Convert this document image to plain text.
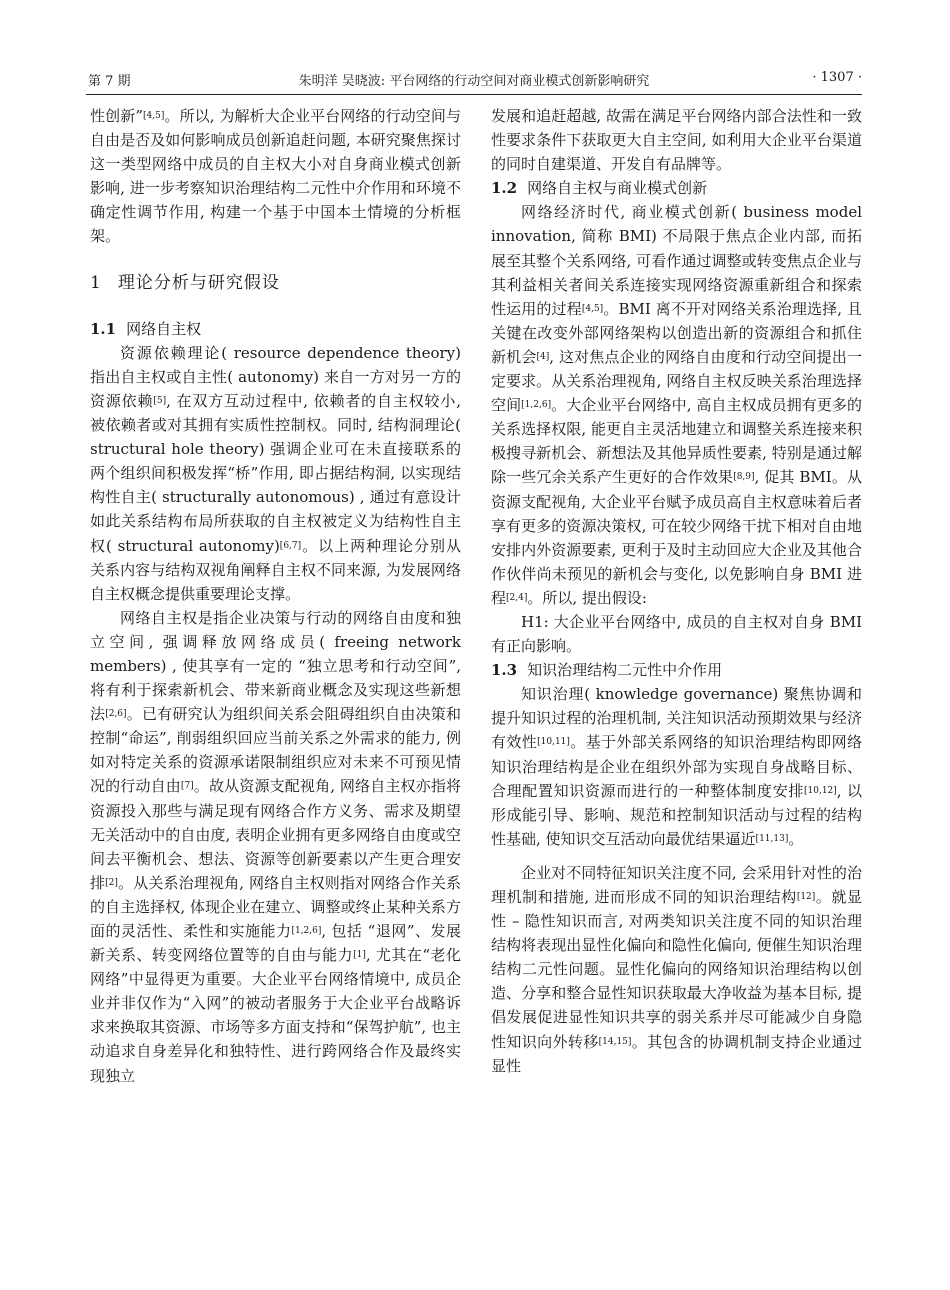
第 7 期	朱明洋 吴晓波: 平台网络的行动空间对商业模式创新影响研究	· 1307 ·

性创新”[4,5]。所以, 为解析大企业平台网络的行动空间与自由是否及如何影响成员创新追赶问题, 本研究聚焦探讨这一类型网络中成员的自主权大小对自身商业模式创新影响, 进一步考察知识治理结构二元性中介作用和环境不确定性调节作用, 构建一个基于中国本土情境的分析框架。

1 理论分析与研究假设
1.1 网络自主权

资源依赖理论( resource dependence theory) 指出自主权或自主性( autonomy) 来自一方对另一方的资源依赖[5], 在双方互动过程中, 依赖者的自主权较小, 被依赖者或对其拥有实质性控制权。同时, 结构洞理论( structural hole theory) 强调企业可在未直接联系的两个组织间积极发挥“桥”作用, 即占据结构洞, 以实现结构性自主( structurally autonomous) , 通过有意设计如此关系结构布局所获取的自主权被定义为结构性自主权( structural autonomy)[6,7]。以上两种理论分别从关系内容与结构双视角阐释自主权不同来源, 为发展网络自主权概念提供重要理论支撑。

网络自主权是指企业决策与行动的网络自由度和独立空间, 强调释放网络成员( freeing network members) , 使其享有一定的 “独立思考和行动空间”, 将有利于探索新机会、带来新商业概念及实现这些新想法[2,6]。已有研究认为组织间关系会阻碍组织自由决策和控制“命运”, 削弱组织回应当前关系之外需求的能力, 例如对特定关系的资源承诺限制组织应对未来不可预见情况的行动自由[7]。故从资源支配视角, 网络自主权亦指将资源投入那些与满足现有网络合作方义务、需求及期望无关活动中的自由度, 表明企业拥有更多网络自由度或空间去平衡机会、想法、资源等创新要素以产生更合理安排[2]。从关系治理视角, 网络自主权则指对网络合作关系的自主选择权, 体现企业在建立、调整或终止某种关系方面的灵活性、柔性和实施能力[1,2,6], 包括 “退网”、发展新关系、转变网络位置等的自由与能力[1], 尤其在“老化网络”中显得更为重要。大企业平台网络情境中, 成员企业并非仅作为“入网”的被动者服务于大企业平台战略诉求来换取其资源、市场等多方面支持和“保驾护航”, 也主动追求自身差异化和独特性、进行跨网络合作及最终实现独立

发展和追赶超越, 故需在满足平台网络内部合法性和一致性要求条件下获取更大自主空间, 如利用大企业平台渠道的同时自建渠道、开发自有品牌等。

1.2 网络自主权与商业模式创新

网络经济时代, 商业模式创新( business model innovation, 简称 BMI) 不局限于焦点企业内部, 而拓展至其整个关系网络, 可看作通过调整或转变焦点企业与其利益相关者间关系连接实现网络资源重新组合和探索性运用的过程[4,5]。BMI 离不开对网络关系治理选择, 且关键在改变外部网络架构以创造出新的资源组合和抓住新机会[4], 这对焦点企业的网络自由度和行动空间提出一定要求。从关系治理视角, 网络自主权反映关系治理选择空间[1,2,6]。大企业平台网络中, 高自主权成员拥有更多的关系选择权限, 能更自主灵活地建立和调整关系连接来积极搜寻新机会、新想法及其他异质性要素, 特别是通过解除一些冗余关系产生更好的合作效果[8,9], 促其 BMI。从资源支配视角, 大企业平台赋予成员高自主权意味着后者享有更多的资源决策权, 可在较少网络干扰下相对自由地安排内外资源要素, 更利于及时主动回应大企业及其他合作伙伴尚未预见的新机会与变化, 以免影响自身 BMI 进程[2,4]。所以, 提出假设:

H1: 大企业平台网络中, 成员的自主权对自身 BMI 有正向影响。

1.3 知识治理结构二元性中介作用

知识治理( knowledge governance) 聚焦协调和提升知识过程的治理机制, 关注知识活动预期效果与经济有效性[10,11]。基于外部关系网络的知识治理结构即网络知识治理结构是企业在组织外部为实现自身战略目标、合理配置知识资源而进行的一种整体制度安排[10,12], 以形成能引导、影响、规范和控制知识活动与过程的结构性基础, 使知识交互活动向最优结果逼近[11,13]。

企业对不同特征知识关注度不同, 会采用针对性的治理机制和措施, 进而形成不同的知识治理结构[12]。就显性 – 隐性知识而言, 对两类知识关注度不同的知识治理结构将表现出显性化偏向和隐性化偏向, 便催生知识治理结构二元性问题。显性化偏向的网络知识治理结构以创造、分享和整合显性知识获取最大净收益为基本目标, 提倡发展促进显性知识共享的弱关系并尽可能减少自身隐性知识向外转移[14,15]。其包含的协调机制支持企业通过显性
